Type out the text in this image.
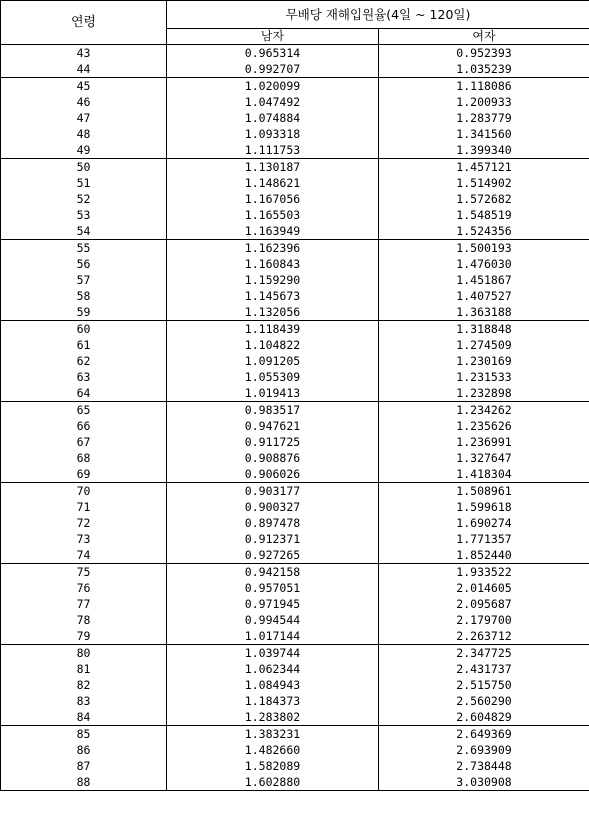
연령	무배당 재해입원율(4일 ~ 120일)	
	남자	여자
43	0.965314	0.952393
44	0.992707	1.035239
45	1.020099	1.118086
46	1.047492	1.200933
47	1.074884	1.283779
48	1.093318	1.341560
49	1.111753	1.399340
50	1.130187	1.457121
51	1.148621	1.514902
52	1.167056	1.572682
53	1.165503	1.548519
54	1.163949	1.524356
55	1.162396	1.500193
56	1.160843	1.476030
57	1.159290	1.451867
58	1.145673	1.407527
59	1.132056	1.363188
60	1.118439	1.318848
61	1.104822	1.274509
62	1.091205	1.230169
63	1.055309	1.231533
64	1.019413	1.232898
65	0.983517	1.234262
66	0.947621	1.235626
67	0.911725	1.236991
68	0.908876	1.327647
69	0.906026	1.418304
70	0.903177	1.508961
71	0.900327	1.599618
72	0.897478	1.690274
73	0.912371	1.771357
74	0.927265	1.852440
75	0.942158	1.933522
76	0.957051	2.014605
77	0.971945	2.095687
78	0.994544	2.179700
79	1.017144	2.263712
80	1.039744	2.347725
81	1.062344	2.431737
82	1.084943	2.515750
83	1.184373	2.560290
84	1.283802	2.604829
85	1.383231	2.649369
86	1.482660	2.693909
87	1.582089	2.738448
88	1.602880	3.030908
